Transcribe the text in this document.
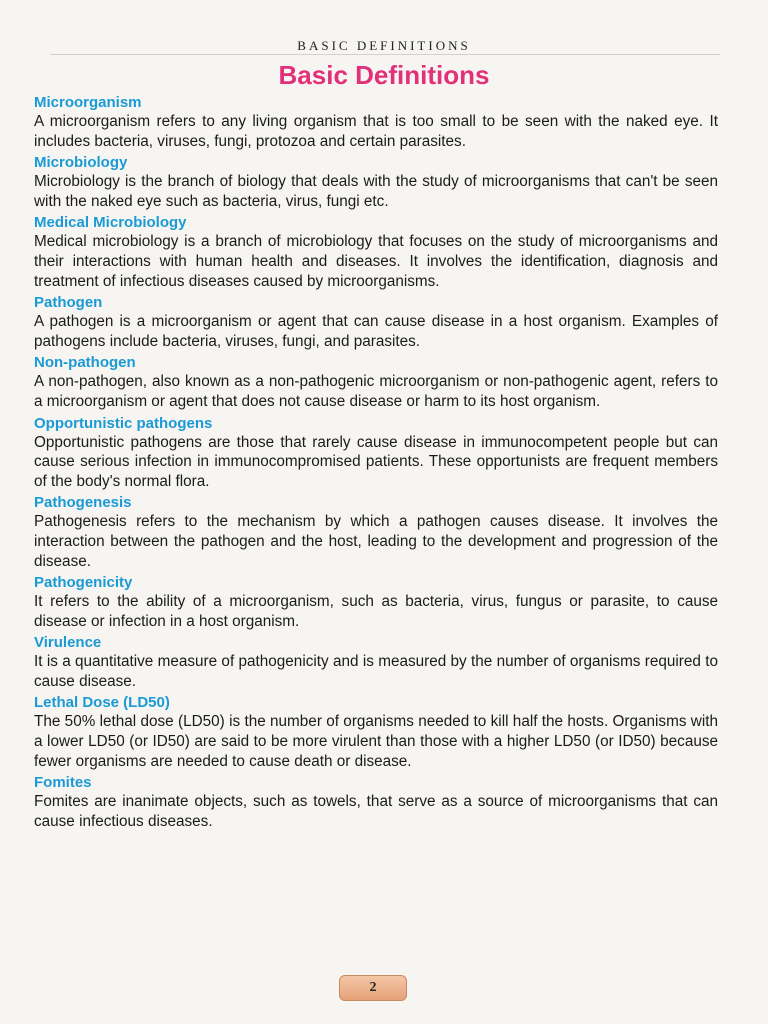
BASIC DEFINITIONS
Basic Definitions

Microorganism

A microorganism refers to any living organism that is too small to be seen with the naked eye. It includes bacteria, viruses, fungi, protozoa and certain parasites.

Microbiology

Microbiology is the branch of biology that deals with the study of microorganisms that can't be seen with the naked eye such as bacteria, virus, fungi etc.

Medical Microbiology

Medical microbiology is a branch of microbiology that focuses on the study of microorganisms and their interactions with human health and diseases. It involves the identification, diagnosis and treatment of infectious diseases caused by microorganisms.

Pathogen

A pathogen is a microorganism or agent that can cause disease in a host organism. Examples of pathogens include bacteria, viruses, fungi, and parasites.

Non-pathogen

A non-pathogen, also known as a non-pathogenic microorganism or non-pathogenic agent, refers to a microorganism or agent that does not cause disease or harm to its host organism.

Opportunistic pathogens

Opportunistic pathogens are those that rarely cause disease in immunocompetent people but can cause serious infection in immunocompromised patients. These opportunists are frequent members of the body's normal flora.

Pathogenesis

Pathogenesis refers to the mechanism by which a pathogen causes disease. It involves the interaction between the pathogen and the host, leading to the development and progression of the disease.

Pathogenicity

It refers to the ability of a microorganism, such as bacteria, virus, fungus or parasite, to cause disease or infection in a host organism.

Virulence

It is a quantitative measure of pathogenicity and is measured by the number of organisms required to cause disease.

Lethal Dose (LD50)

The 50% lethal dose (LD50) is the number of organisms needed to kill half the hosts. Organisms with a lower LD50 (or ID50) are said to be more virulent than those with a higher LD50 (or ID50) because fewer organisms are needed to cause death or disease.

Fomites

Fomites are inanimate objects, such as towels, that serve as a source of microorganisms that can cause infectious diseases.

2
